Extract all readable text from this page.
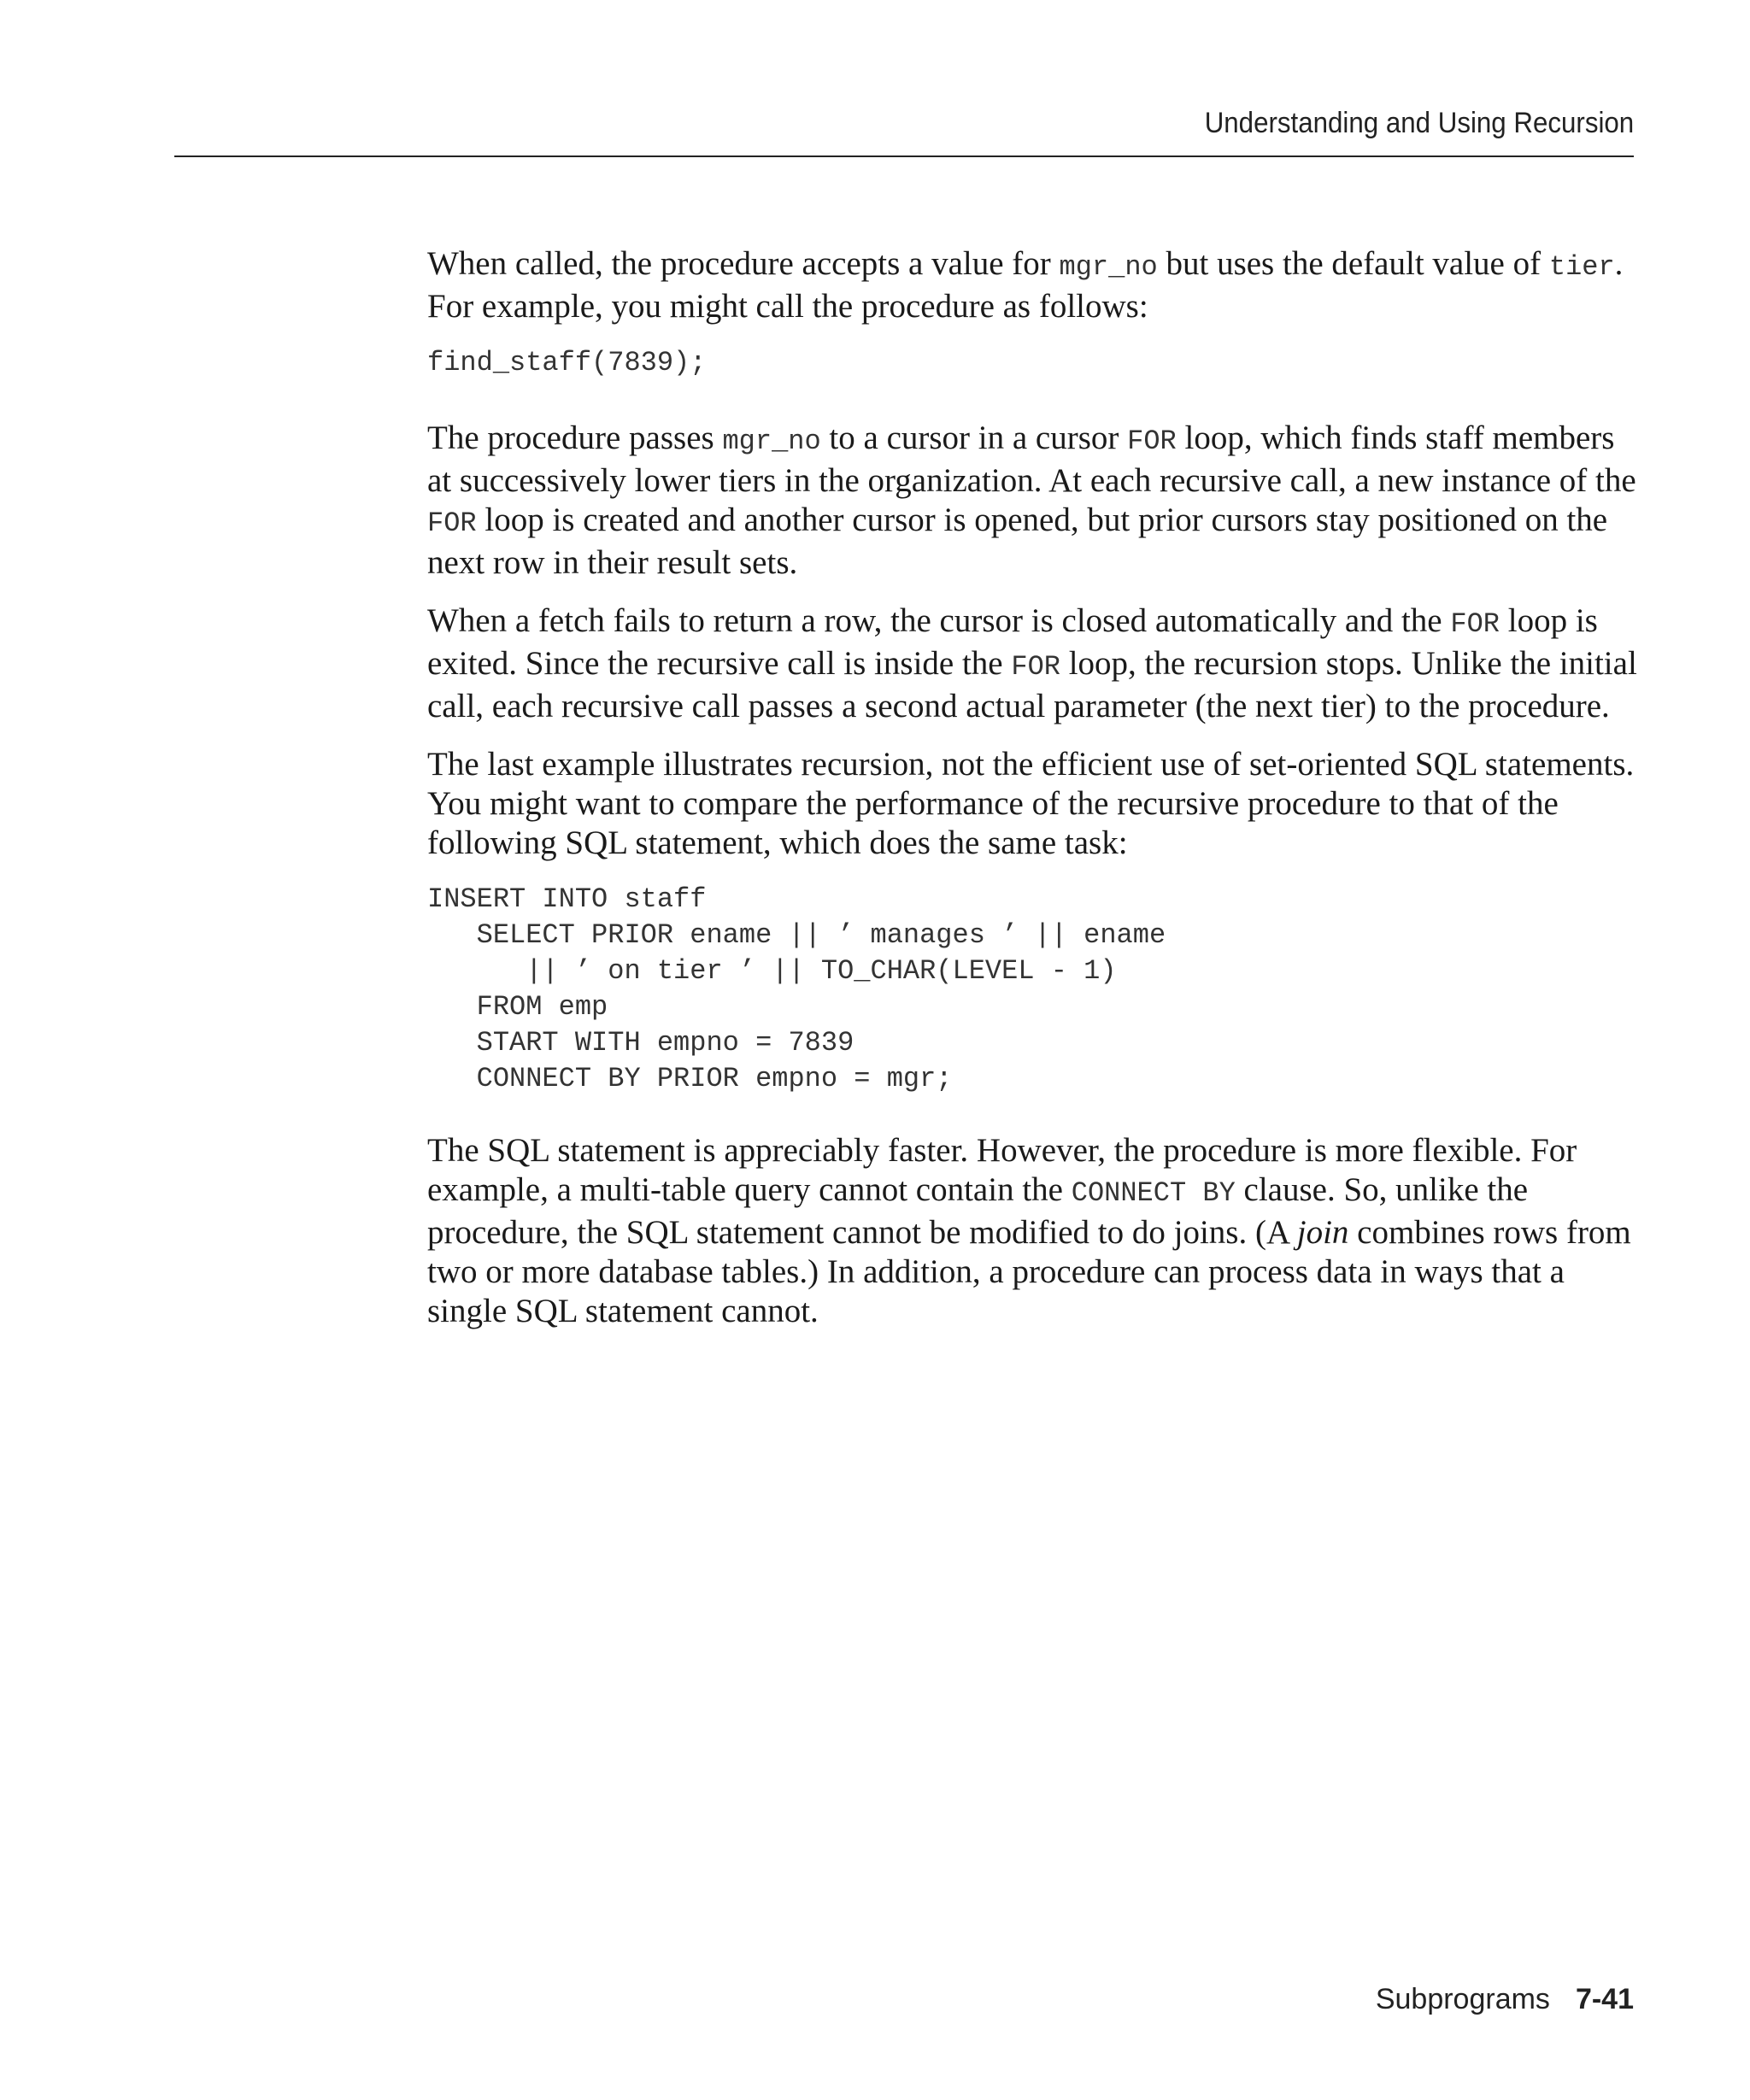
Understanding and Using Recursion

When called, the procedure accepts a value for mgr_no but uses the default value of tier. For example, you might call the procedure as follows:

find_staff(7839);

The procedure passes mgr_no to a cursor in a cursor FOR loop, which finds staff members at successively lower tiers in the organization. At each recursive call, a new instance of the FOR loop is created and another cursor is opened, but prior cursors stay positioned on the next row in their result sets.

When a fetch fails to return a row, the cursor is closed automatically and the FOR loop is exited. Since the recursive call is inside the FOR loop, the recursion stops. Unlike the initial call, each recursive call passes a second actual parameter (the next tier) to the procedure.

The last example illustrates recursion, not the efficient use of set-oriented SQL statements. You might want to compare the performance of the recursive procedure to that of the following SQL statement, which does the same task:

INSERT INTO staff
SELECT PRIOR ename || ’ manages ’ || ename
|| ’ on tier ’ || TO_CHAR(LEVEL - 1)
FROM emp
START WITH empno = 7839
CONNECT BY PRIOR empno = mgr;

The SQL statement is appreciably faster. However, the procedure is more flexible. For example, a multi-table query cannot contain the CONNECT BY clause. So, unlike the procedure, the SQL statement cannot be modified to do joins. (A join combines rows from two or more database tables.) In addition, a procedure can process data in ways that a single SQL statement cannot.

Subprograms 7-41
